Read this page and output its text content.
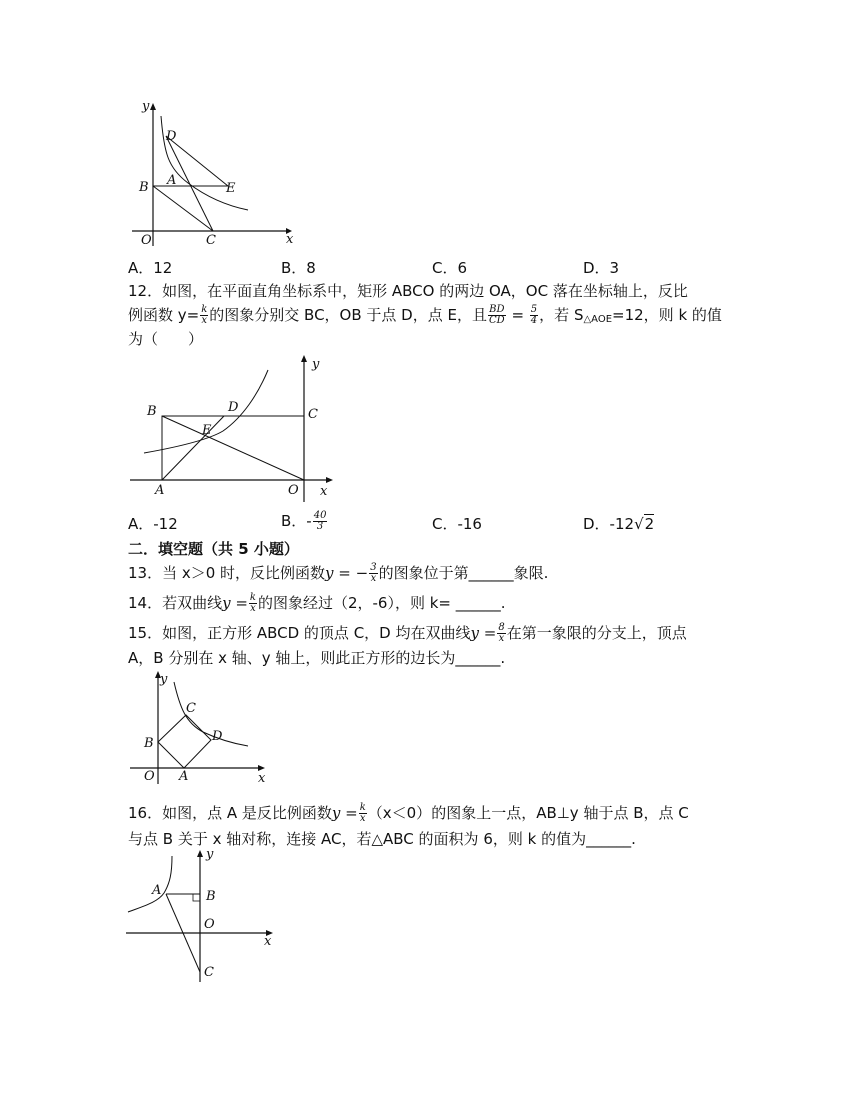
y
x
O
B
D
A
E
C
A．12	B．8	C．6	D．3
12．如图，在平面直角坐标系中，矩形 ABCO 的两边 OA，OC 落在坐标轴上，反比
例函数 $y= \frac{k}{x}$ 的图象分别交 BC，OB 于点 D，点 E，且 $\frac{BD}{CD} = \frac{5}{4}$ ，若 $S_{\triangle AOE}=12$，则 k 的值
为（　　）
y
x
O
B	D
E
C
A
A．-12	B．- $\frac{40}{3}$	C．-16	D．-12√2
二．填空题（共 5 小题）
13．当 x＞0 时，反比例函数y = − $\frac{3}{x}$ 的图象位于第______象限.
14．若双曲线$y = \frac{k}{x}$ 的图象经过（2，-6），则 k= ______.
15．如图，正方形 ABCD 的顶点 C，D 均在双曲线$y = \frac{8}{x}$ 在第一象限的分支上，顶点
A，B 分别在 x 轴、y 轴上，则此正方形的边长为______.
y
x
O
B
C
D
A
16．如图，点 A 是反比例函数$y = \frac{k}{x} (x<0)$的图象上一点，AB⊥y 轴于点 B，点 C
与点 B 关于 x 轴对称，连接 AC，若△ABC 的面积为 6，则 k 的值为______.
y
x
O
A	B
C
